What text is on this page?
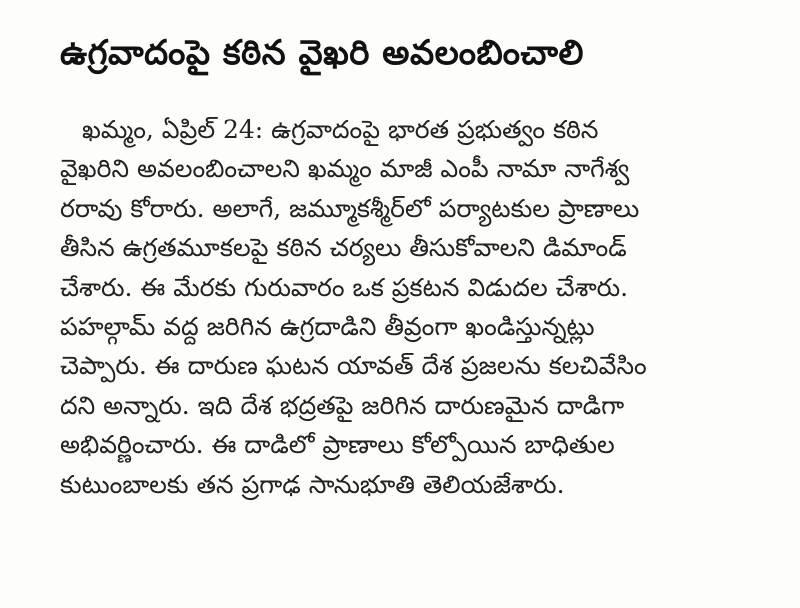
ఉగ్రవాదంపై కఠిన వైఖరి అవలంబించాలి
ఖమ్మం, ఏప్రిల్ 24: ఉగ్రవాదంపై భారత ప్రభుత్వం కఠిన
వైఖరిని అవలంబించాలని ఖమ్మం మాజీ ఎంపీ నామా నాగేశ్వ
రరావు కోరారు. అలాగే, జమ్మూకశ్మీర్‌లో పర్యాటకుల ప్రాణాలు
తీసిన ఉగ్రతమూకలపై కఠిన చర్యలు తీసుకోవాలని డిమాండ్
చేశారు. ఈ మేరకు గురువారం ఒక ప్రకటన విడుదల చేశారు.
పహల్గామ్ వద్ద జరిగిన ఉగ్రదాడిని తీవ్రంగా ఖండిస్తున్నట్లు
చెప్పారు. ఈ దారుణ ఘటన యావత్ దేశ ప్రజలను కలచివేసిం
దని అన్నారు. ఇది దేశ భద్రతపై జరిగిన దారుణమైన దాడిగా
అభివర్ణించారు. ఈ దాడిలో ప్రాణాలు కోల్పోయిన బాధితుల
కుటుంబాలకు తన ప్రగాఢ సానుభూతి తెలియజేశారు.
